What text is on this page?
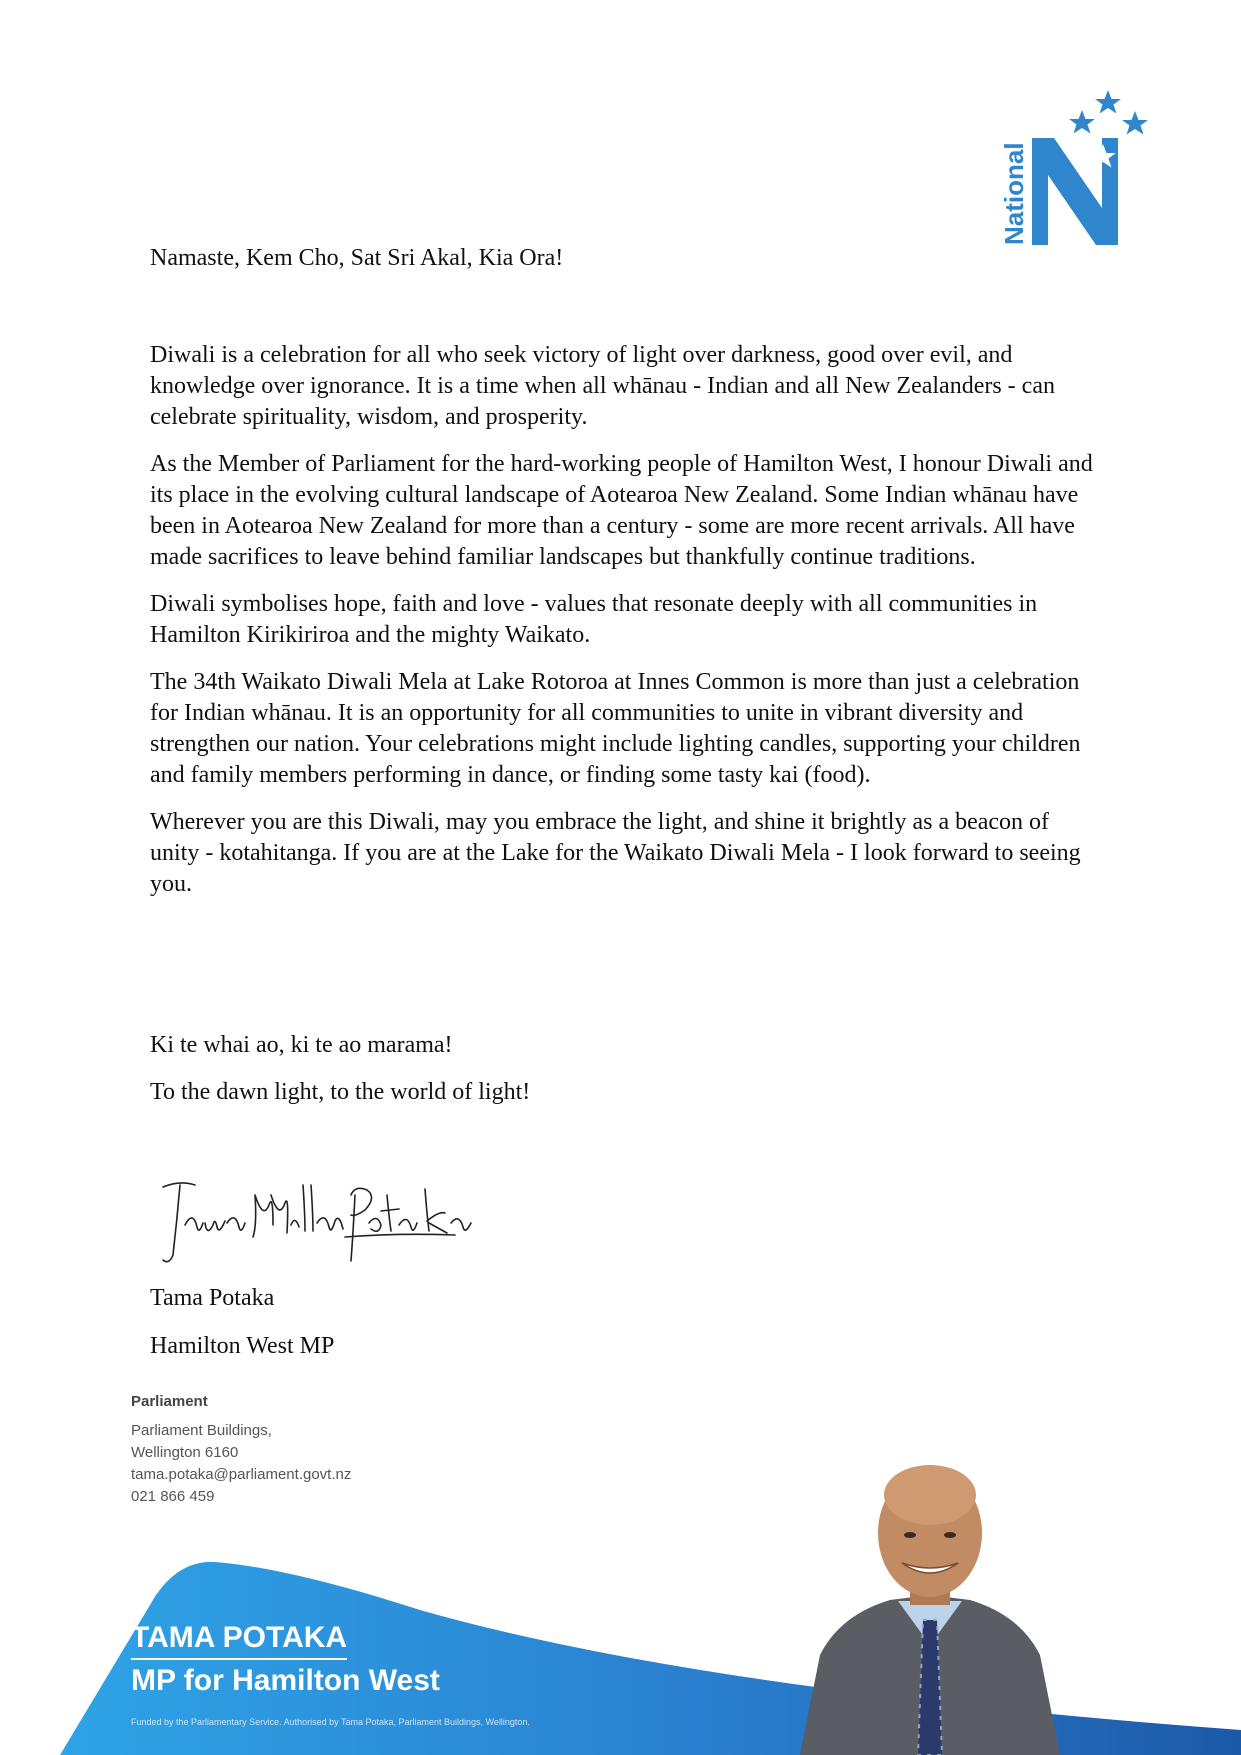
National
Namaste, Kem Cho, Sat Sri Akal, Kia Ora!

Diwali is a celebration for all who seek victory of light over darkness, good over evil, and knowledge over ignorance. It is a time when all whānau - Indian and all New Zealanders - can celebrate spirituality, wisdom, and prosperity.

As the Member of Parliament for the hard-working people of Hamilton West, I honour Diwali and its place in the evolving cultural landscape of Aotearoa New Zealand. Some Indian whānau have been in Aotearoa New Zealand for more than a century - some are more recent arrivals. All have made sacrifices to leave behind familiar landscapes but thankfully continue traditions.

Diwali symbolises hope, faith and love - values that resonate deeply with all communities in Hamilton Kirikiriroa and the mighty Waikato.

The 34th Waikato Diwali Mela at Lake Rotoroa at Innes Common is more than just a celebration for Indian whānau. It is an opportunity for all communities to unite in vibrant diversity and strengthen our nation. Your celebrations might include lighting candles, supporting your children and family members performing in dance, or finding some tasty kai (food).

Wherever you are this Diwali, may you embrace the light, and shine it brightly as a beacon of unity - kotahitanga. If you are at the Lake for the Waikato Diwali Mela - I look forward to seeing you.

Ki te whai ao, ki te ao marama!

To the dawn light, to the world of light!

Tama William Potaka
Tama Potaka
Hamilton West MP
Parliament
Parliament Buildings,
Wellington 6160
tama.potaka@parliament.govt.nz
021 866 459
TAMA POTAKA
MP for Hamilton West
Funded by the Parliamentary Service. Authorised by Tama Potaka, Parliament Buildings, Wellington.
